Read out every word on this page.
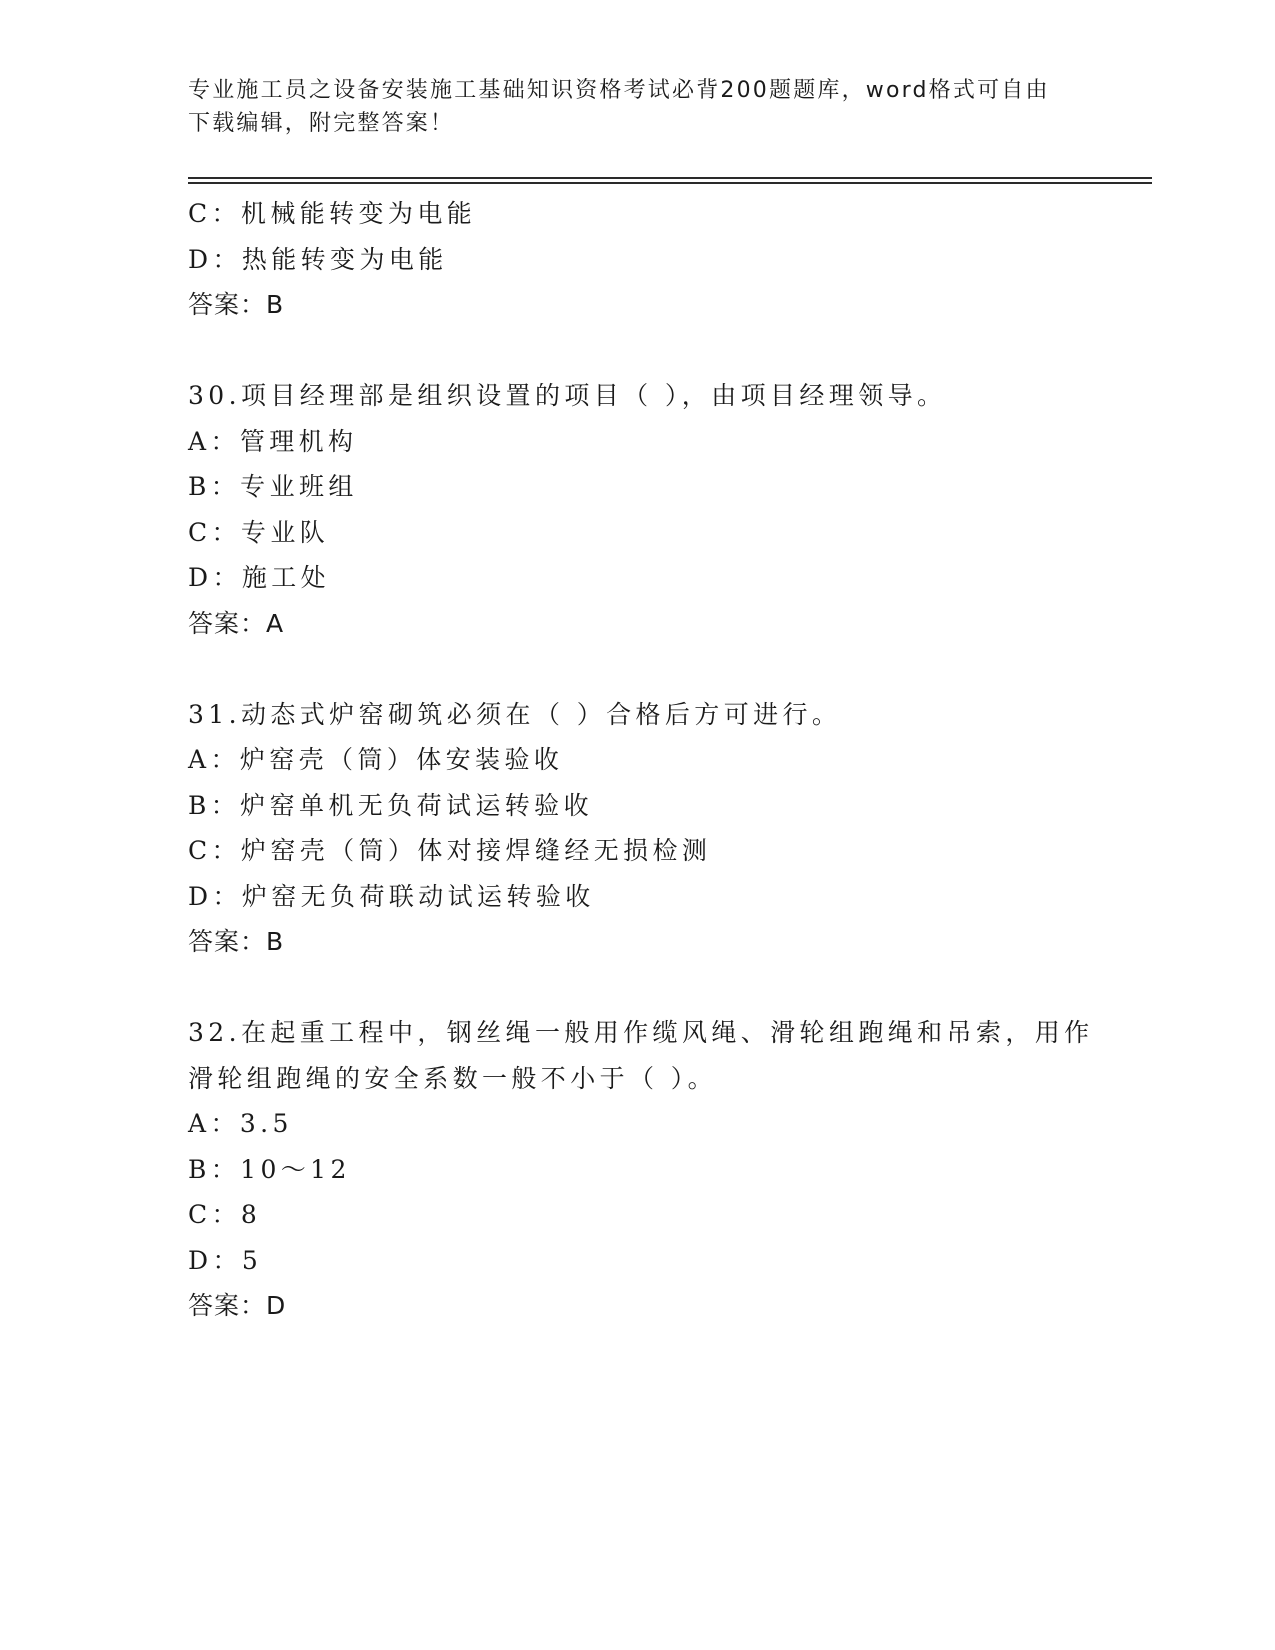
专业施工员之设备安装施工基础知识资格考试必背200题题库，word格式可自由
下载编辑，附完整答案！
C：机械能转变为电能
D：热能转变为电能
答案：B
30.项目经理部是组织设置的项目（ ），由项目经理领导。
A：管理机构
B：专业班组
C：专业队
D：施工处
答案：A
31.动态式炉窑砌筑必须在（ ）合格后方可进行。
A：炉窑壳（筒）体安装验收
B：炉窑单机无负荷试运转验收
C：炉窑壳（筒）体对接焊缝经无损检测
D：炉窑无负荷联动试运转验收
答案：B
32.在起重工程中，钢丝绳一般用作缆风绳、滑轮组跑绳和吊索，用作
滑轮组跑绳的安全系数一般不小于（ ）。
A：3.5
B：10～12
C：8
D：5
答案：D
